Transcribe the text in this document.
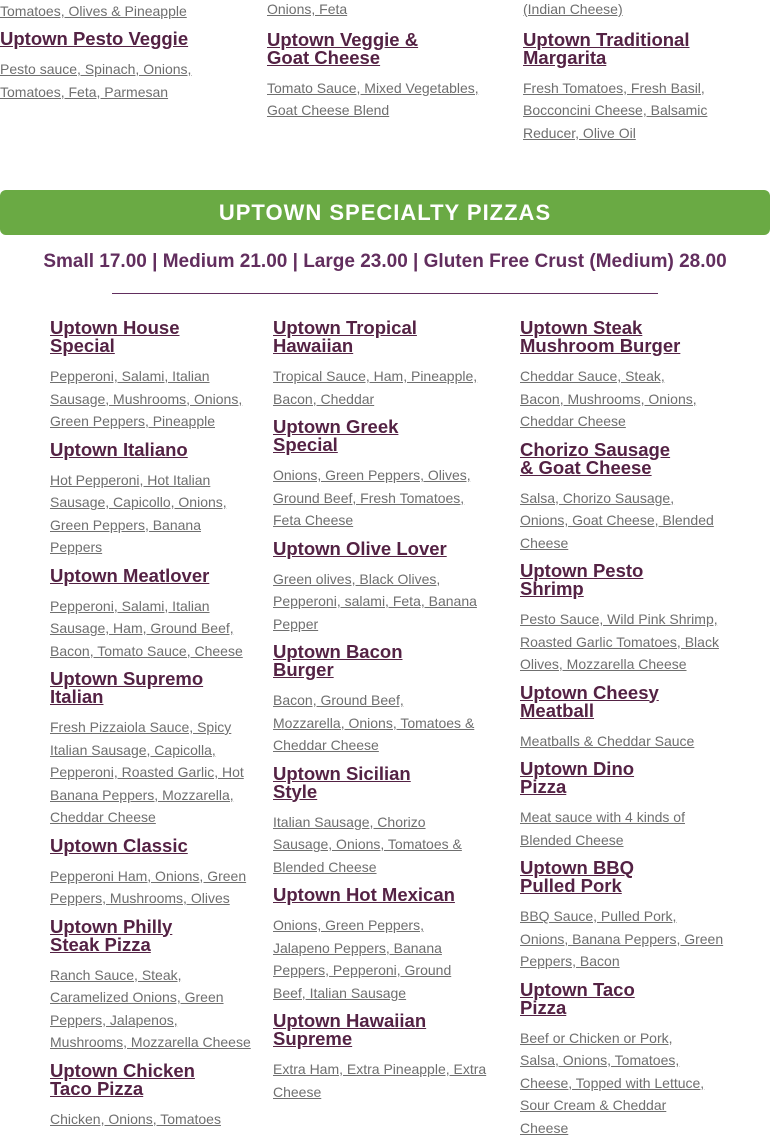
Tomatoes, Olives & Pineapple
Uptown Pesto Veggie
Pesto sauce, Spinach, Onions, Tomatoes, Feta, Parmesan
Onions, Feta
Uptown Veggie & Goat Cheese
Tomato Sauce, Mixed Vegetables, Goat Cheese Blend
(Indian Cheese)
Uptown Traditional Margarita
Fresh Tomatoes, Fresh Basil, Bocconcini Cheese, Balsamic Reducer, Olive Oil
UPTOWN SPECIALTY PIZZAS
Small 17.00 | Medium 21.00 | Large 23.00 | Gluten Free Crust (Medium) 28.00
Uptown House Special
Pepperoni, Salami, Italian Sausage, Mushrooms, Onions, Green Peppers, Pineapple
Uptown Italiano
Hot Pepperoni, Hot Italian Sausage, Capicollo, Onions, Green Peppers, Banana Peppers
Uptown Meatlover
Pepperoni, Salami, Italian Sausage, Ham, Ground Beef, Bacon, Tomato Sauce, Cheese
Uptown Supremo Italian
Fresh Pizzaiola Sauce, Spicy Italian Sausage, Capicolla, Pepperoni, Roasted Garlic, Hot Banana Peppers, Mozzarella, Cheddar Cheese
Uptown Classic
Pepperoni Ham, Onions, Green Peppers, Mushrooms, Olives
Uptown Philly Steak Pizza
Ranch Sauce, Steak, Caramelized Onions, Green Peppers, Jalapenos, Mushrooms, Mozzarella Cheese
Uptown Chicken Taco Pizza
Chicken, Onions, Tomatoes
Uptown Tropical Hawaiian
Tropical Sauce, Ham, Pineapple, Bacon, Cheddar
Uptown Greek Special
Onions, Green Peppers, Olives, Ground Beef, Fresh Tomatoes, Feta Cheese
Uptown Olive Lover
Green olives, Black Olives, Pepperoni, salami, Feta, Banana Pepper
Uptown Bacon Burger
Bacon, Ground Beef, Mozzarella, Onions, Tomatoes & Cheddar Cheese
Uptown Sicilian Style
Italian Sausage, Chorizo Sausage, Onions, Tomatoes & Blended Cheese
Uptown Hot Mexican
Onions, Green Peppers, Jalapeno Peppers, Banana Peppers, Pepperoni, Ground Beef, Italian Sausage
Uptown Hawaiian Supreme
Extra Ham, Extra Pineapple, Extra Cheese
Uptown Steak Mushroom Burger
Cheddar Sauce, Steak, Bacon, Mushrooms, Onions, Cheddar Cheese
Chorizo Sausage & Goat Cheese
Salsa, Chorizo Sausage, Onions, Goat Cheese, Blended Cheese
Uptown Pesto Shrimp
Pesto Sauce, Wild Pink Shrimp, Roasted Garlic Tomatoes, Black Olives, Mozzarella Cheese
Uptown Cheesy Meatball
Meatballs & Cheddar Sauce
Uptown Dino Pizza
Meat sauce with 4 kinds of Blended Cheese
Uptown BBQ Pulled Pork
BBQ Sauce, Pulled Pork, Onions, Banana Peppers, Green Peppers, Bacon
Uptown Taco Pizza
Beef or Chicken or Pork, Salsa, Onions, Tomatoes, Cheese, Topped with Lettuce, Sour Cream & Cheddar Cheese
